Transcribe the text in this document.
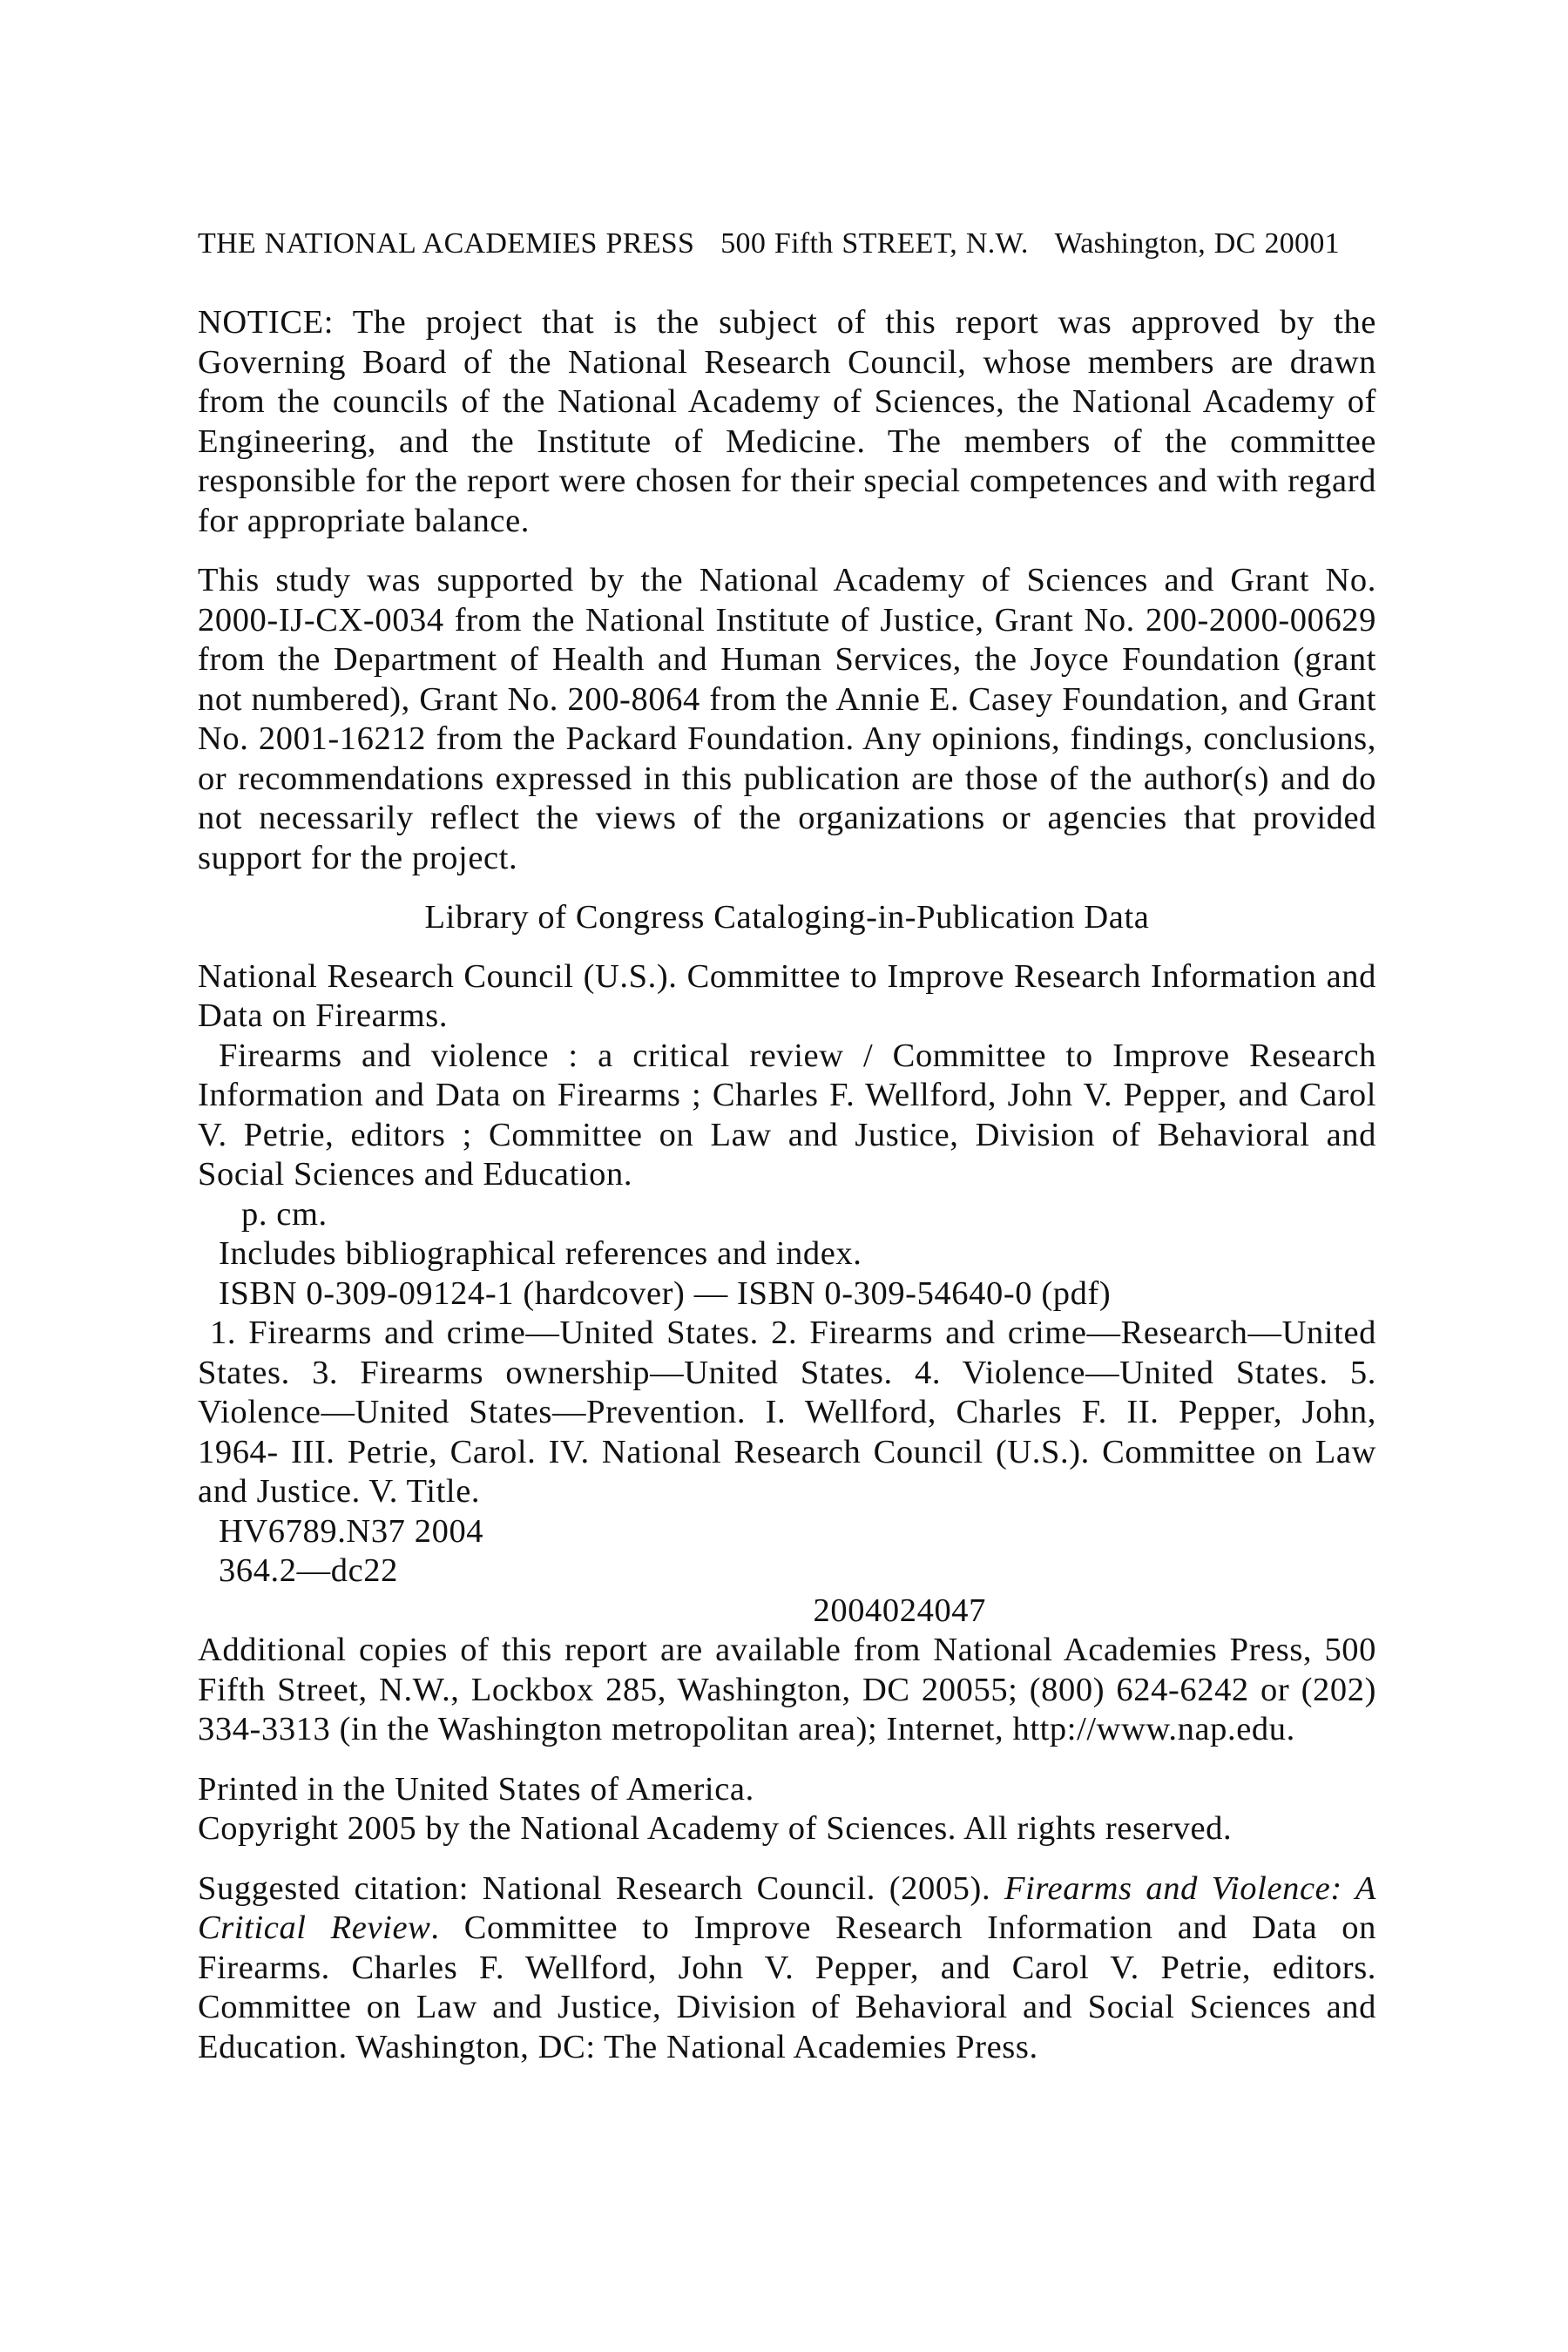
THE NATIONAL ACADEMIES PRESS 500 Fifth STREET, N.W. Washington, DC 20001

NOTICE: The project that is the subject of this report was approved by the Governing Board of the National Research Council, whose members are drawn from the councils of the National Academy of Sciences, the National Academy of Engineering, and the Institute of Medicine. The members of the committee responsible for the report were chosen for their special competences and with regard for appropriate balance.

This study was supported by the National Academy of Sciences and Grant No. 2000-IJ-CX-0034 from the National Institute of Justice, Grant No. 200-2000-00629 from the Department of Health and Human Services, the Joyce Foundation (grant not numbered), Grant No. 200-8064 from the Annie E. Casey Foundation, and Grant No. 2001-16212 from the Packard Foundation. Any opinions, findings, conclusions, or recommendations expressed in this publication are those of the author(s) and do not necessarily reflect the views of the organizations or agencies that provided support for the project.

Library of Congress Cataloging-in-Publication Data

National Research Council (U.S.). Committee to Improve Research Information and Data on Firearms.

Firearms and violence : a critical review / Committee to Improve Research Information and Data on Firearms ; Charles F. Wellford, John V. Pepper, and Carol V. Petrie, editors ; Committee on Law and Justice, Division of Behavioral and Social Sciences and Education.

p. cm.

Includes bibliographical references and index.

ISBN 0-309-09124-1 (hardcover) — ISBN 0-309-54640-0 (pdf)

1. Firearms and crime—United States. 2. Firearms and crime—Research—United States. 3. Firearms ownership—United States. 4. Violence—United States. 5. Violence—United States—Prevention. I. Wellford, Charles F. II. Pepper, John, 1964- III. Petrie, Carol. IV. National Research Council (U.S.). Committee on Law and Justice. V. Title.

HV6789.N37 2004

364.2—dc22

2004024047

Additional copies of this report are available from National Academies Press, 500 Fifth Street, N.W., Lockbox 285, Washington, DC 20055; (800) 624-6242 or (202) 334-3313 (in the Washington metropolitan area); Internet, http://www.nap.edu.

Printed in the United States of America.

Copyright 2005 by the National Academy of Sciences. All rights reserved.

Suggested citation: National Research Council. (2005). Firearms and Violence: A Critical Review. Committee to Improve Research Information and Data on Firearms. Charles F. Wellford, John V. Pepper, and Carol V. Petrie, editors. Committee on Law and Justice, Division of Behavioral and Social Sciences and Education. Washington, DC: The National Academies Press.
